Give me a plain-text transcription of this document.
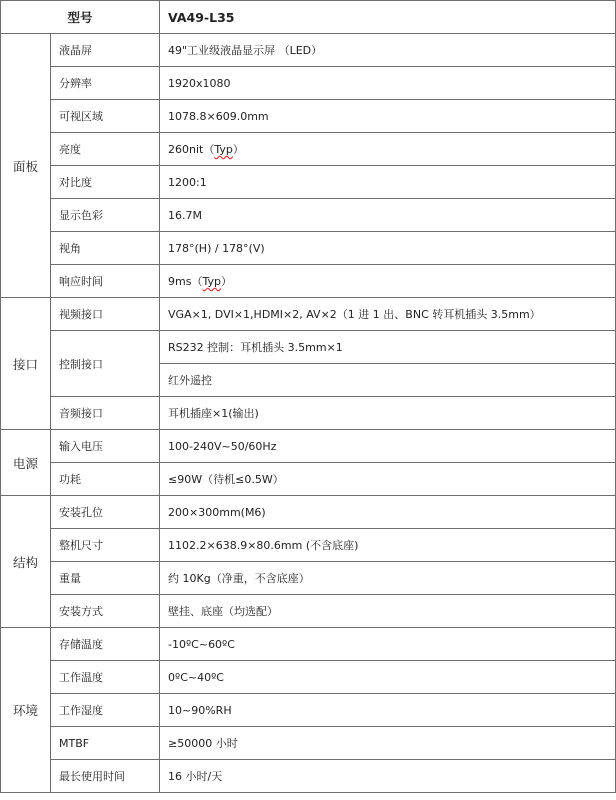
型号		VA49-L35
面板	液晶屏	49"工业级液晶显示屏 （LED）
	分辨率	1920x1080
	可视区域	1078.8×609.0mm
	亮度	260nit（Typ）
	对比度	1200:1
	显示色彩	16.7M
	视角	178°(H) / 178°(V)
	响应时间	9ms（Typ）
接口	视频接口	VGA×1, DVI×1,HDMI×2, AV×2（1 进 1 出、BNC 转耳机插头 3.5mm）
	控制接口	RS232 控制：耳机插头 3.5mm×1
		红外遥控
	音频接口	耳机插座×1(输出)
电源	输入电压	100-240V~50/60Hz
	功耗	≤90W（待机≤0.5W）
结构	安装孔位	200×300mm(M6)
	整机尺寸	1102.2×638.9×80.6mm (不含底座)
	重量	约 10Kg（净重，不含底座）
	安装方式	壁挂、底座（均选配）
环境	存储温度	-10ºC~60ºC
	工作温度	0ºC~40ºC
	工作湿度	10~90%RH
	MTBF	≥50000 小时
	最长使用时间	16 小时/天
